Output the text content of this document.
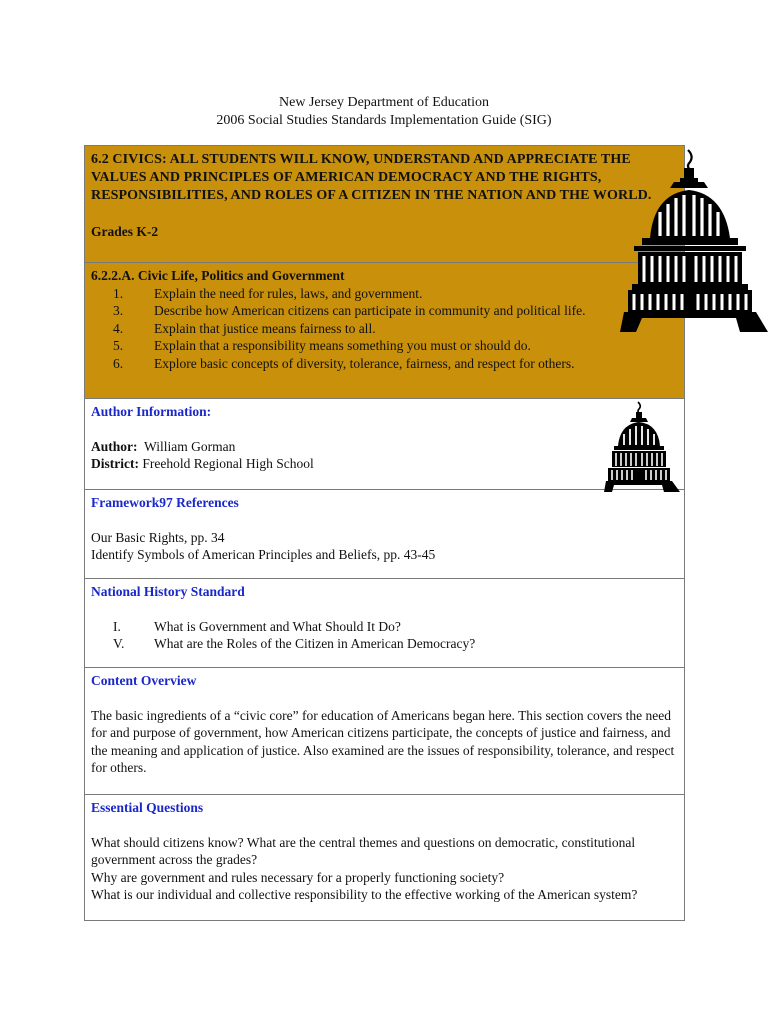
New Jersey Department of Education
2006 Social Studies Standards Implementation Guide (SIG)
6.2 CIVICS: ALL STUDENTS WILL KNOW, UNDERSTAND AND APPRECIATE THE VALUES AND PRINCIPLES OF AMERICAN DEMOCRACY AND THE RIGHTS, RESPONSIBILITIES, AND ROLES OF A CITIZEN IN THE NATION AND THE WORLD.
Grades K-2
6.2.2.A. Civic Life, Politics and Government
1.	Explain the need for rules, laws, and government.
3.	Describe how American citizens can participate in community and political life.
4.	Explain that justice means fairness to all.
5.	Explain that a responsibility means something you must or should do.
6.	Explore basic concepts of diversity, tolerance, fairness, and respect for others.
Author Information:
Author: William Gorman
District: Freehold Regional High School
Framework97 References
Our Basic Rights, pp. 34
Identify Symbols of American Principles and Beliefs, pp. 43-45
National History Standard
I.	What is Government and What Should It Do?
V.	What are the Roles of the Citizen in American Democracy?
Content Overview
The basic ingredients of a “civic core” for education of Americans began here. This section covers the need for and purpose of government, how American citizens participate, the concepts of justice and fairness, and the meaning and application of justice. Also examined are the issues of responsibility, tolerance, and respect for others.
Essential Questions
What should citizens know? What are the central themes and questions on democratic, constitutional government across the grades?
Why are government and rules necessary for a properly functioning society?
What is our individual and collective responsibility to the effective working of the American system?
